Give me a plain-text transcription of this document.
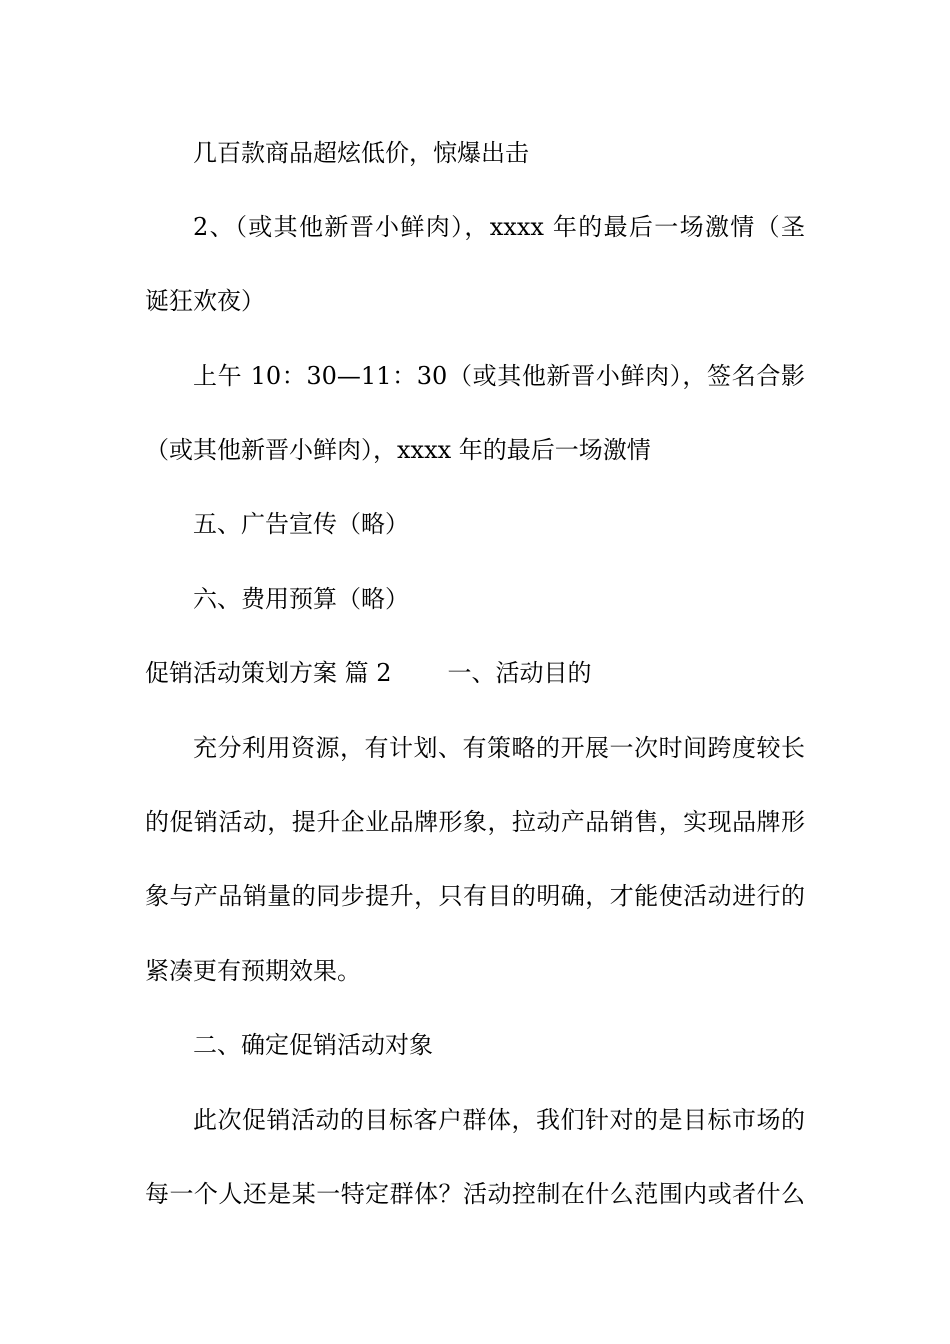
几百款商品超炫低价，惊爆出击
2、（或其他新晋小鲜肉），xxxx 年的最后一场激情（圣
诞狂欢夜）
上午 10：30—11：30（或其他新晋小鲜肉），签名合影
（或其他新晋小鲜肉），xxxx 年的最后一场激情
五、广告宣传（略）
六、费用预算（略）
促销活动策划方案 篇 2 一、活动目的
充分利用资源，有计划、有策略的开展一次时间跨度较长
的促销活动，提升企业品牌形象，拉动产品销售，实现品牌形
象与产品销量的同步提升，只有目的明确，才能使活动进行的
紧凑更有预期效果。
二、确定促销活动对象
此次促销活动的目标客户群体，我们针对的是目标市场的
每一个人还是某一特定群体？活动控制在什么范围内或者什么
